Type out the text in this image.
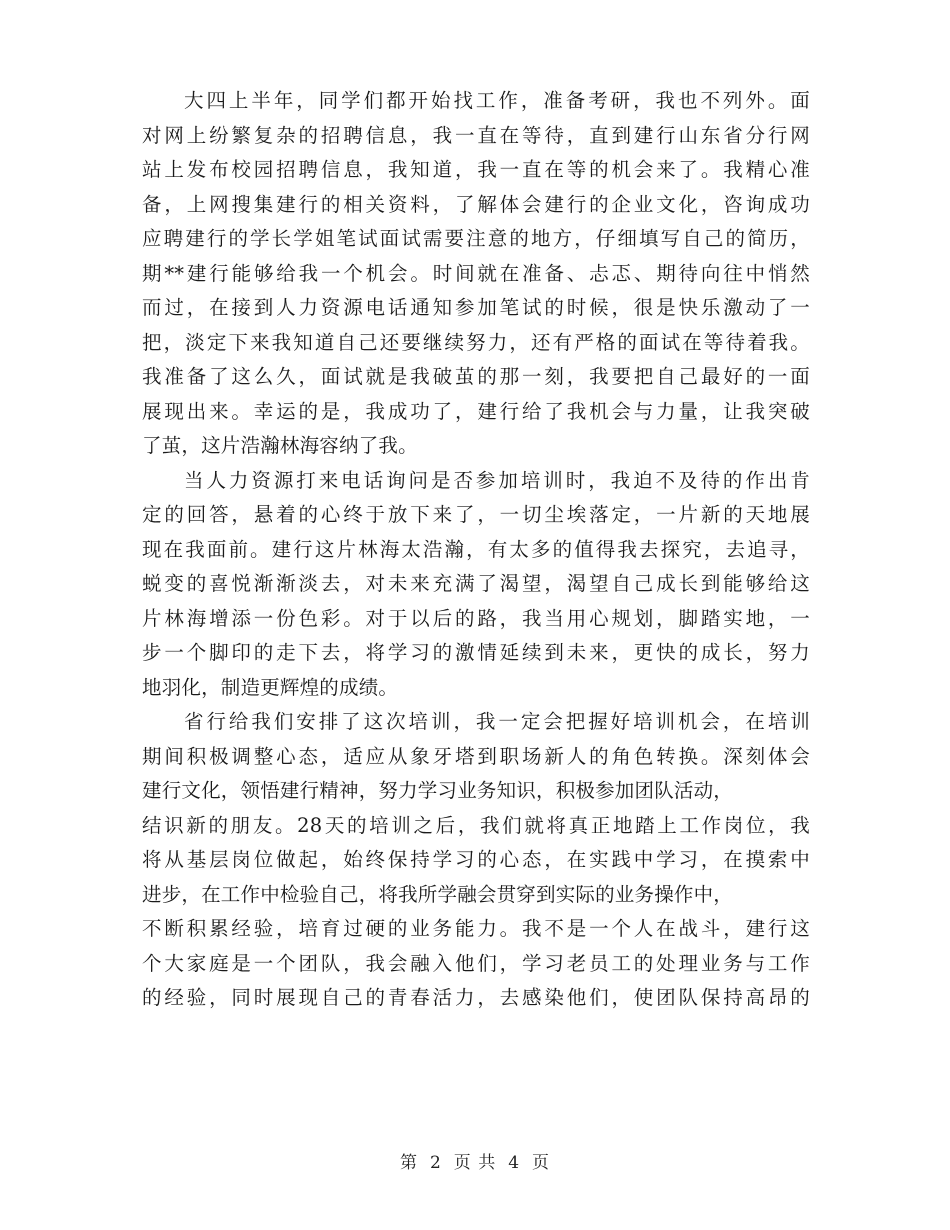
大四上半年，同学们都开始找工作，准备考研，我也不列外。面
对网上纷繁复杂的招聘信息，我一直在等待，直到建行山东省分行网
站上发布校园招聘信息，我知道，我一直在等的机会来了。我精心准
备，上网搜集建行的相关资料，了解体会建行的企业文化，咨询成功
应聘建行的学长学姐笔试面试需要注意的地方，仔细填写自己的简历，
期**建行能够给我一个机会。时间就在准备、忐忑、期待向往中悄然
而过，在接到人力资源电话通知参加笔试的时候，很是快乐激动了一
把，淡定下来我知道自己还要继续努力，还有严格的面试在等待着我。
我准备了这么久，面试就是我破茧的那一刻，我要把自己最好的一面
展现出来。幸运的是，我成功了，建行给了我机会与力量，让我突破
了茧，这片浩瀚林海容纳了我。
当人力资源打来电话询问是否参加培训时，我迫不及待的作出肯
定的回答，悬着的心终于放下来了，一切尘埃落定，一片新的天地展
现在我面前。建行这片林海太浩瀚，有太多的值得我去探究，去追寻，
蜕变的喜悦渐渐淡去，对未来充满了渴望，渴望自己成长到能够给这
片林海增添一份色彩。对于以后的路，我当用心规划，脚踏实地，一
步一个脚印的走下去，将学习的激情延续到未来，更快的成长，努力
地羽化，制造更辉煌的成绩。
省行给我们安排了这次培训，我一定会把握好培训机会，在培训
期间积极调整心态，适应从象牙塔到职场新人的角色转换。深刻体会
建行文化，领悟建行精神，努力学习业务知识，积极参加团队活动，
结识新的朋友。28天的培训之后，我们就将真正地踏上工作岗位，我
将从基层岗位做起，始终保持学习的心态，在实践中学习，在摸索中
进步，在工作中检验自己，将我所学融会贯穿到实际的业务操作中，
不断积累经验，培育过硬的业务能力。我不是一个人在战斗，建行这
个大家庭是一个团队，我会融入他们，学习老员工的处理业务与工作
的经验，同时展现自己的青春活力，去感染他们，使团队保持高昂的
第 2 页 共 4 页
